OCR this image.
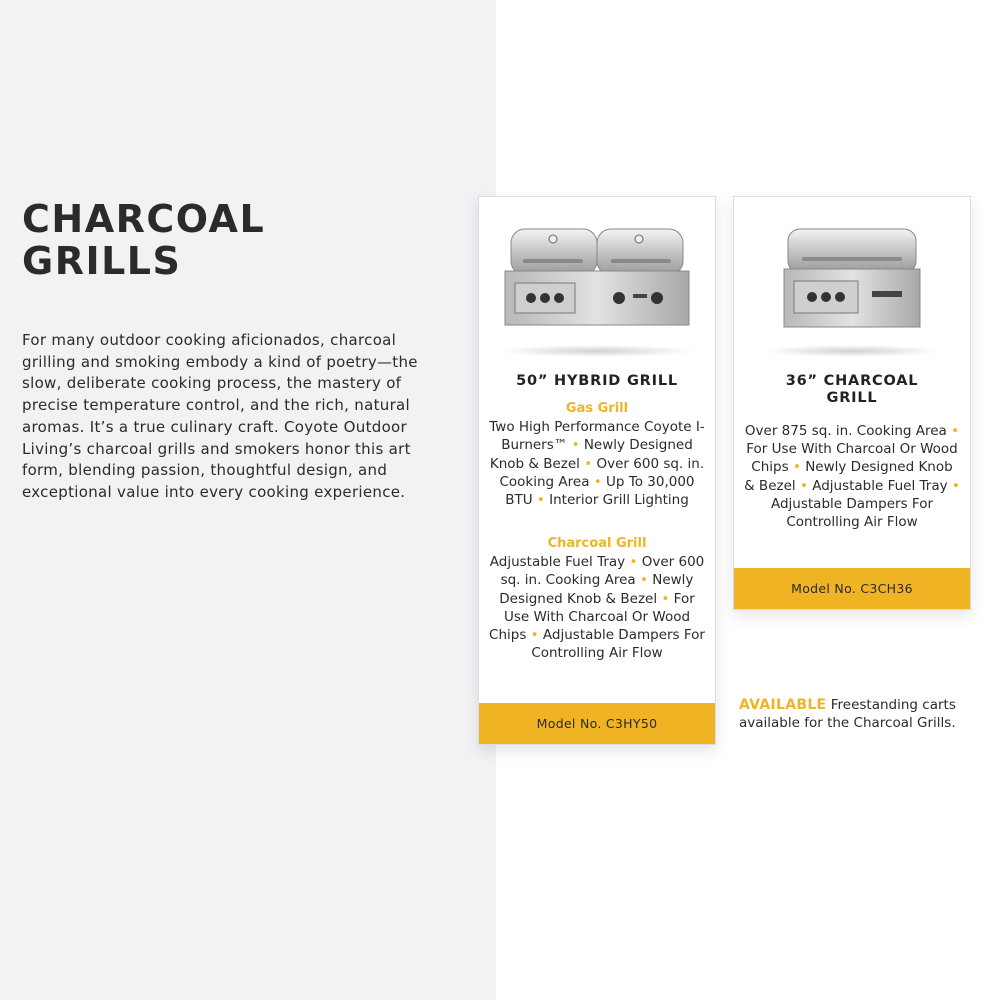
CHARCOAL
GRILLS

For many outdoor cooking aficionados, charcoal grilling and smoking embody a kind of poetry—the slow, deliberate cooking process, the mastery of precise temperature control, and the rich, natural aromas. It’s a true culinary craft. Coyote Outdoor Living’s charcoal grills and smokers honor this art form, blending passion, thoughtful design, and exceptional value into every cooking experience.

50” HYBRID GRILL
Gas Grill
Two High Performance Coyote I-Burners™ • Newly Designed Knob & Bezel • Over 600 sq. in. Cooking Area • Up To 30,000 BTU • Interior Grill Lighting
Charcoal Grill
Adjustable Fuel Tray • Over 600 sq. in. Cooking Area • Newly Designed Knob & Bezel • For Use With Charcoal Or Wood Chips • Adjustable Dampers For Controlling Air Flow
Model No. C3HY50
36” CHARCOAL
GRILL
Over 875 sq. in. Cooking Area • For Use With Charcoal Or Wood Chips • Newly Designed Knob & Bezel • Adjustable Fuel Tray • Adjustable Dampers For Controlling Air Flow
Model No. C3CH36

AVAILABLE Freestanding carts available for the Charcoal Grills.
